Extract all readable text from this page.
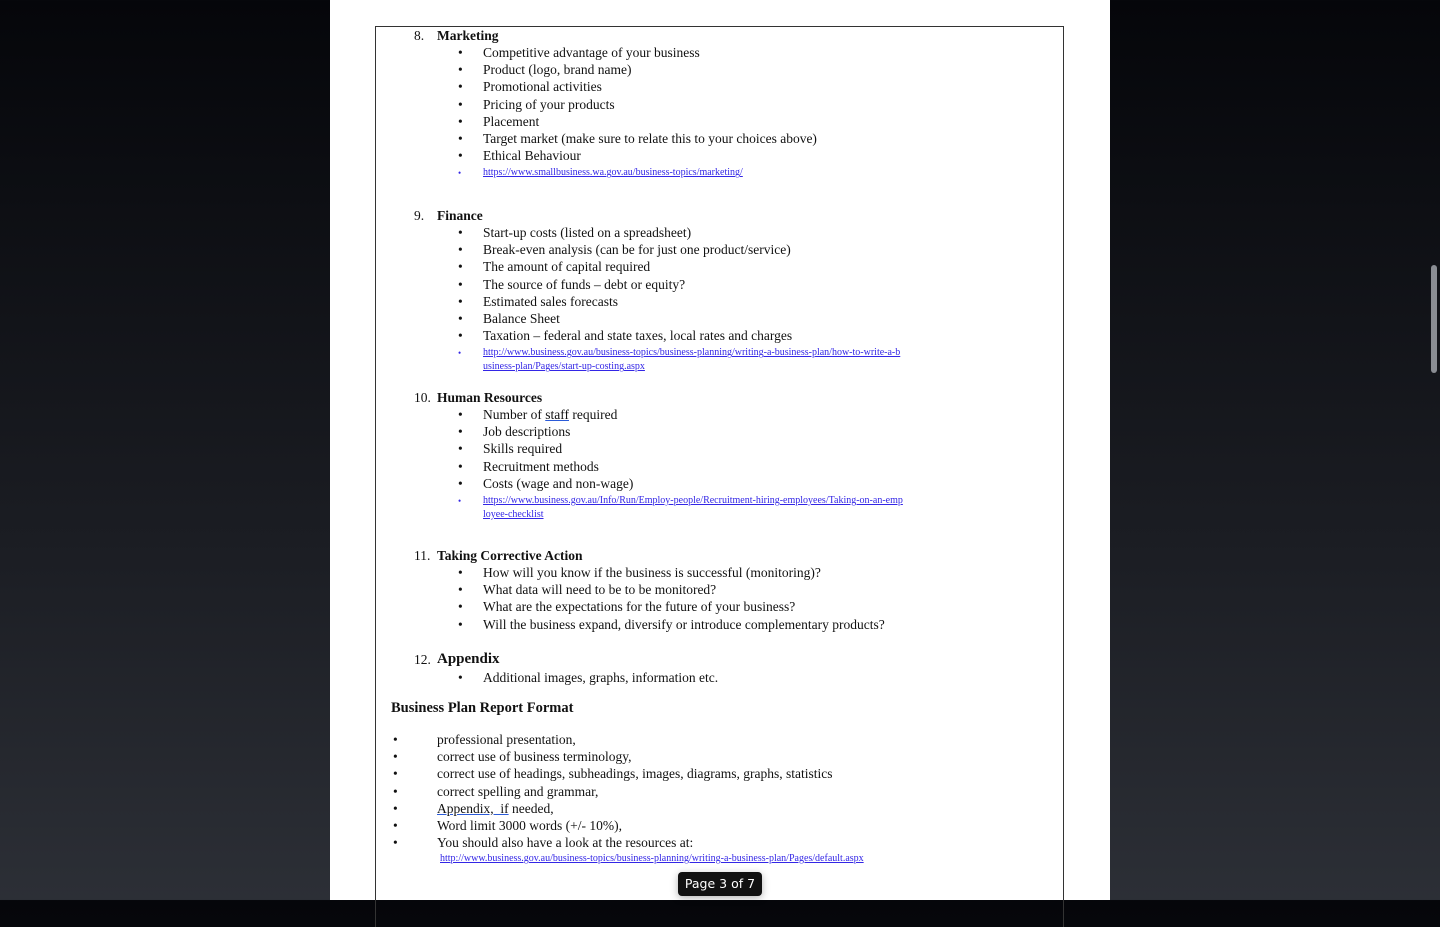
8. Marketing
• Competitive advantage of your business
• Product (logo, brand name)
• Promotional activities
• Pricing of your products
• Placement
• Target market (make sure to relate this to your choices above)
• Ethical Behaviour
• https://www.smallbusiness.wa.gov.au/business-topics/marketing/
9. Finance
• Start-up costs (listed on a spreadsheet)
• Break-even analysis (can be for just one product/service)
• The amount of capital required
• The source of funds – debt or equity?
• Estimated sales forecasts
• Balance Sheet
• Taxation – federal and state taxes, local rates and charges
• http://www.business.gov.au/business-topics/business-planning/writing-a-business-plan/how-to-write-a-business-plan/Pages/start-up-costing.aspx
10. Human Resources
• Number of staff required
• Job descriptions
• Skills required
• Recruitment methods
• Costs (wage and non-wage)
• https://www.business.gov.au/Info/Run/Employ-people/Recruitment-hiring-employees/Taking-on-an-employee-checklist
11. Taking Corrective Action
• How will you know if the business is successful (monitoring)?
• What data will need to be to be monitored?
• What are the expectations for the future of your business?
• Will the business expand, diversify or introduce complementary products?
12. Appendix
• Additional images, graphs, information etc.
Business Plan Report Format
•	professional presentation,
•	correct use of business terminology,
•	correct use of headings, subheadings, images, diagrams, graphs, statistics
•	correct spelling and grammar,
•	Appendix,  if needed,
•	Word limit 3000 words (+/- 10%),
•	You should also have a look at the resources at:
http://www.business.gov.au/business-topics/business-planning/writing-a-business-plan/Pages/default.aspx
Page 3 of 7
